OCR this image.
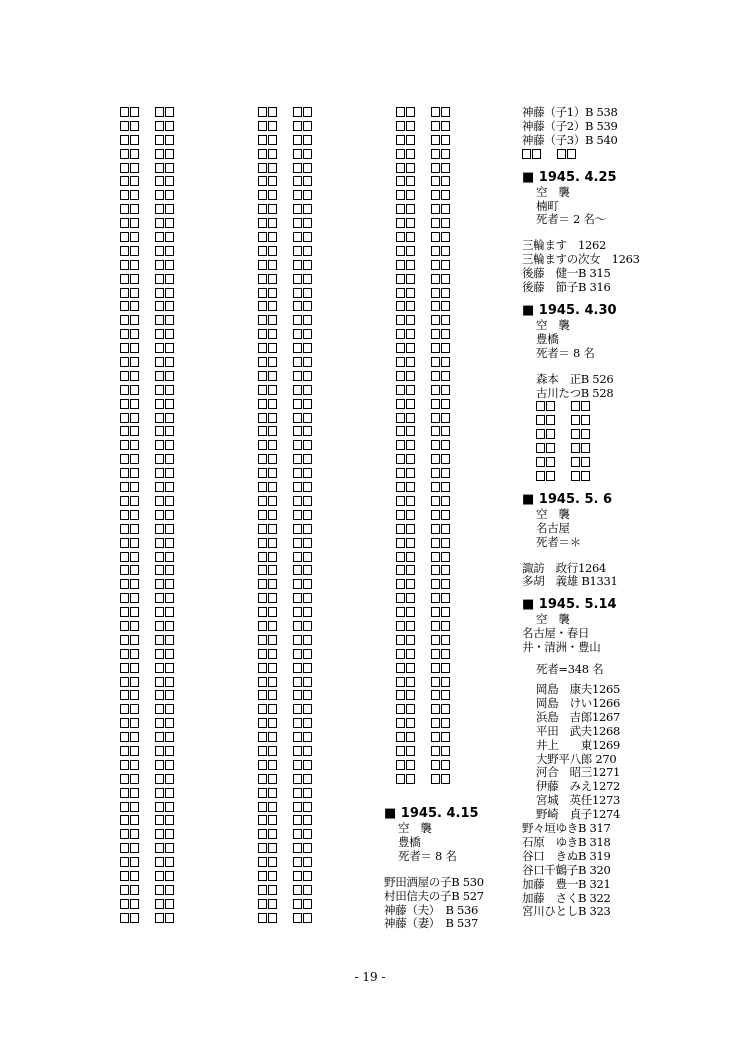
■ 1945. 4.15
空　襲
豊橋
死者＝ 8 名
野田酒屋の子B 530
村田信夫の子B 527
神藤（夫）　B 536
神藤（妻）　B 537
神藤（子1）B 538
神藤（子2）B 539
神藤（子3）B 540
■ 1945. 4.25
空　襲
楠町
死者＝ 2 名～
三輪ます　1262
三輪ますの次女　1263
後藤　健一B 315
後藤　節子B 316
■ 1945. 4.30
空　襲
豊橋
死者＝ 8 名
森本　正B 526
古川たつB 528
■ 1945. 5. 6
空　襲
名古屋
死者＝＊
諏訪　政行1264
多胡　義雄 B1331
■ 1945. 5.14
空　襲
名古屋・春日
井・清洲・豊山
死者=348 名
岡島　康夫1265
岡島　けい1266
浜島　吉郎1267
平田　武夫1268
井上　　東1269
大野平八郎 270
河合　昭三1271
伊藤　みえ1272
宮城　英任1273
野崎　貞子1274
野々垣ゆきB 317
石原　ゆきB 318
谷口　きぬB 319
谷口千鶴子B 320
加藤　豊一B 321
加藤　さくB 322
宮川ひとしB 323
- 19 -
